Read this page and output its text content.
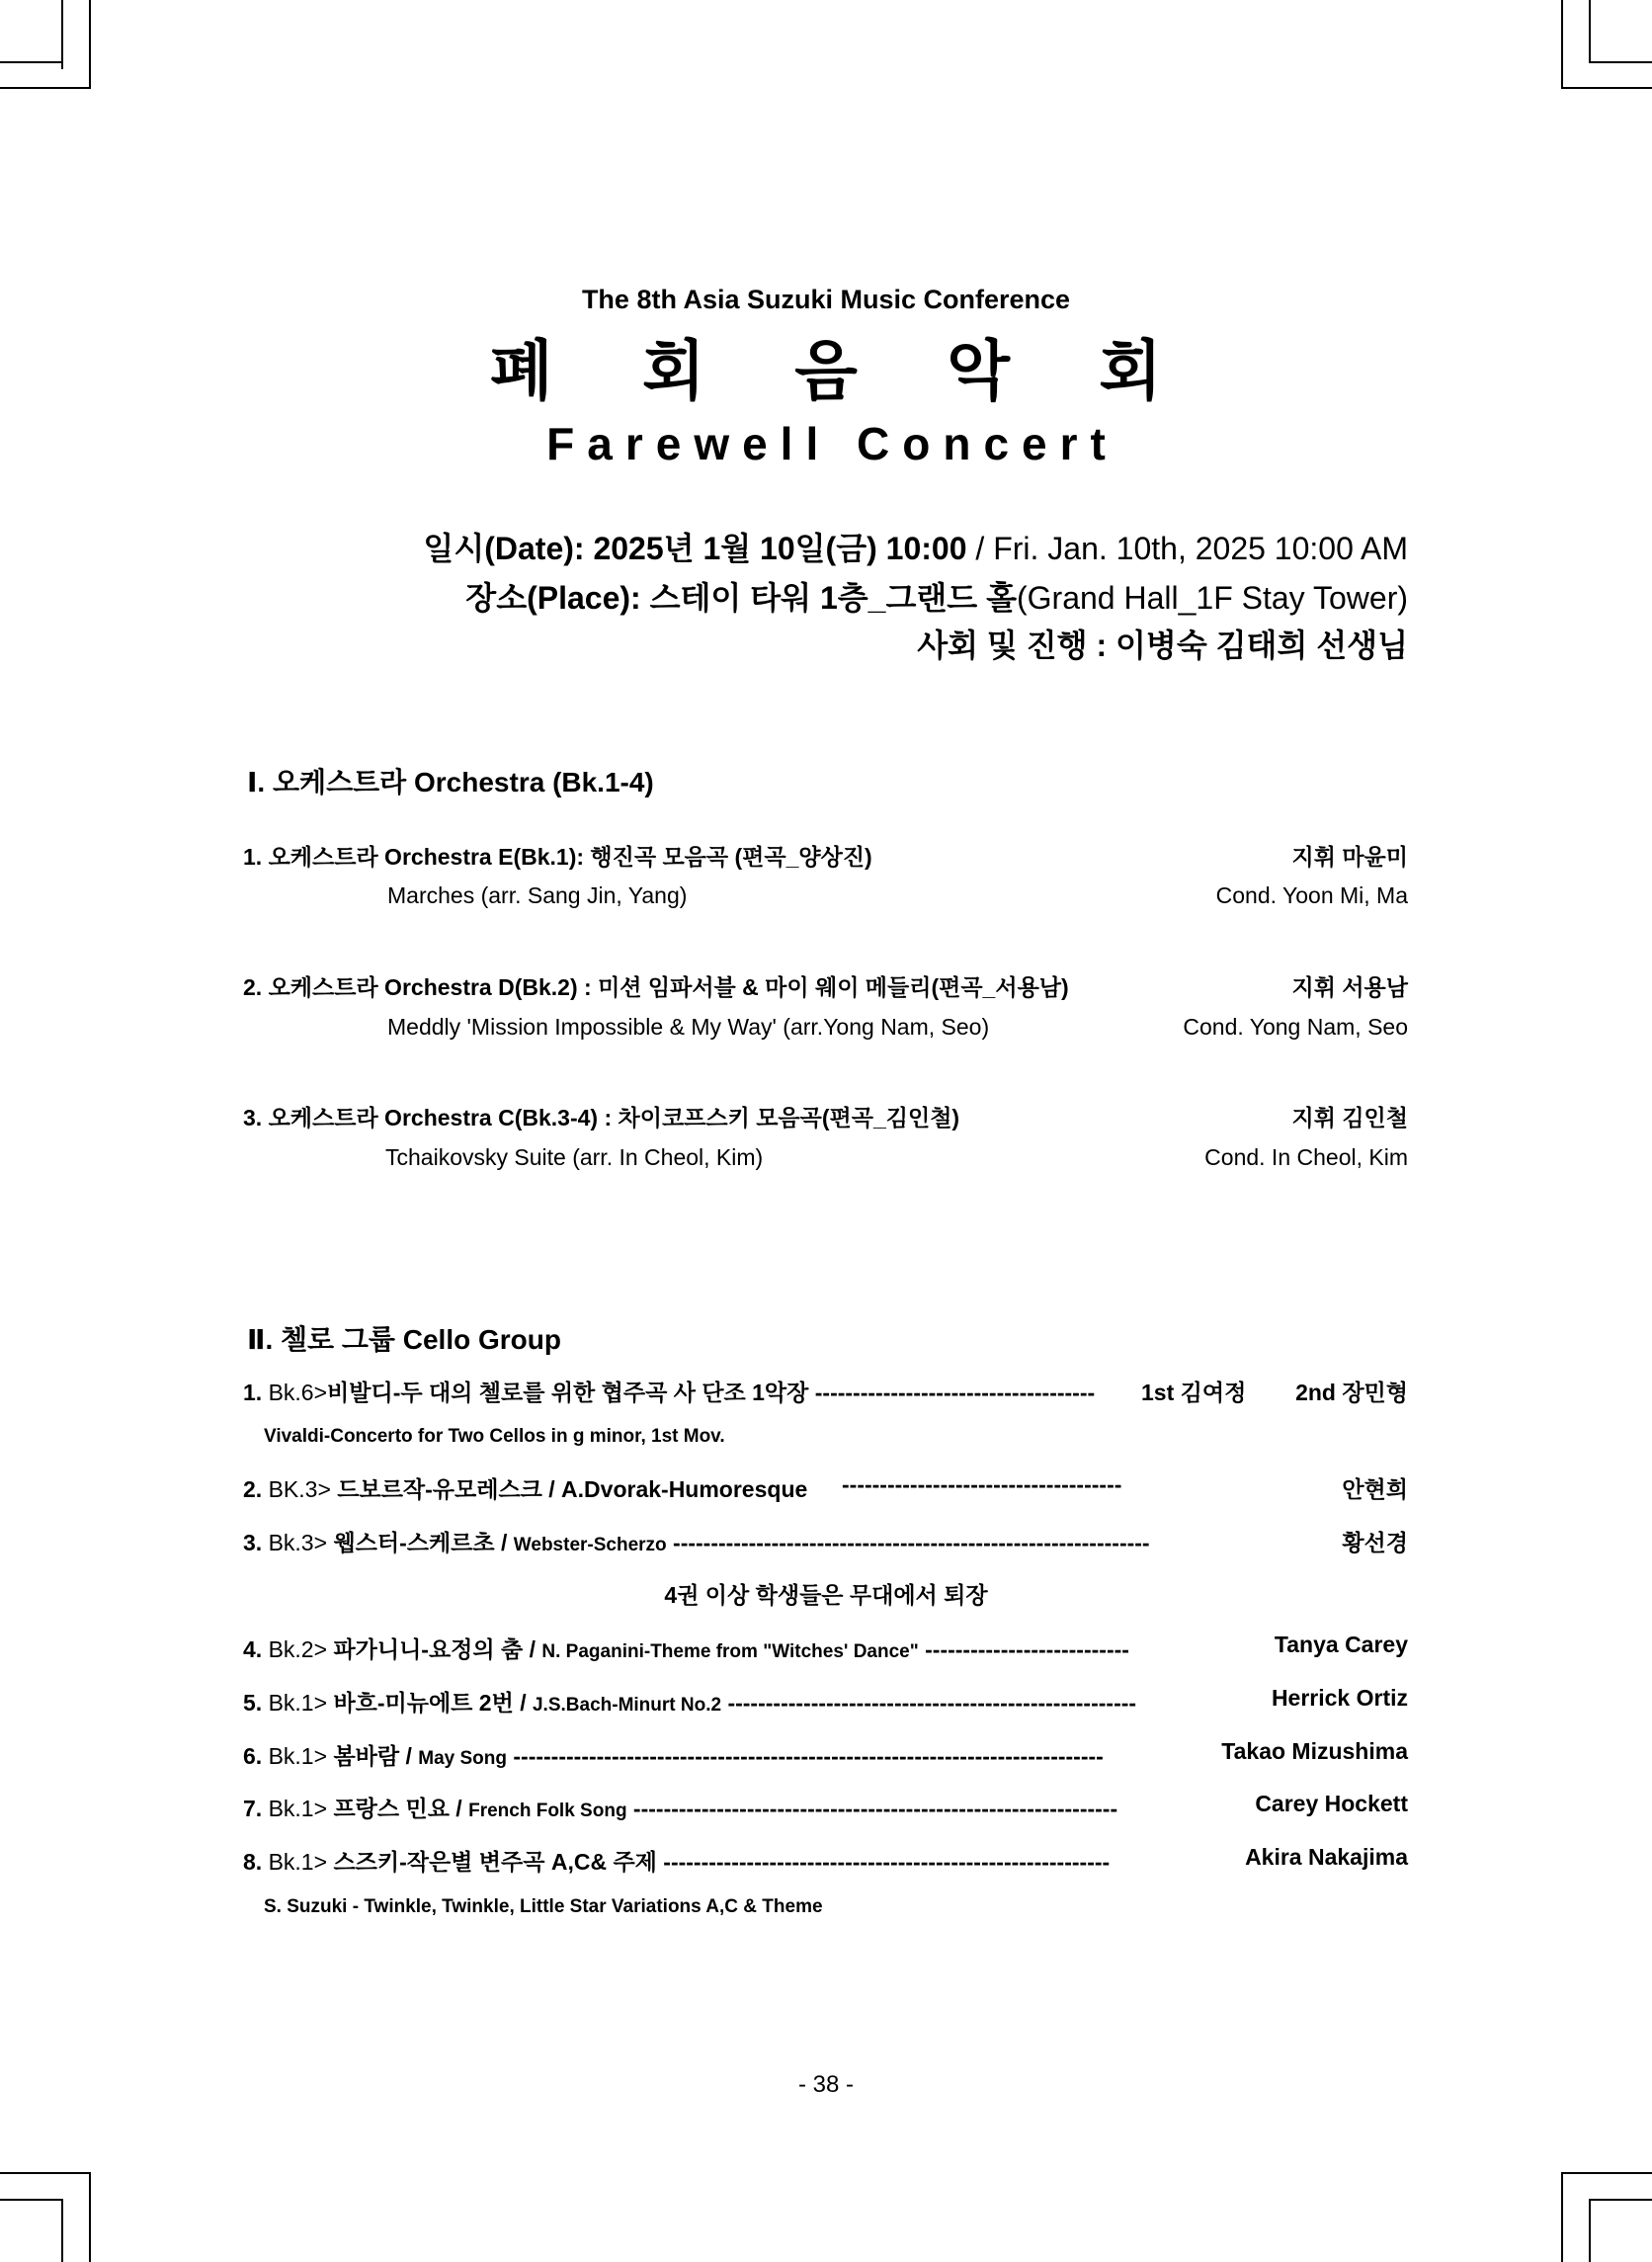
The 8th Asia Suzuki Music Conference
폐 회 음 악 회
Farewell Concert
일시(Date): 2025년 1월 10일(금) 10:00 / Fri. Jan. 10th, 2025 10:00 AM
장소(Place): 스테이 타워 1층_그랜드 홀(Grand Hall_1F Stay Tower)
사회 및 진행 : 이병숙 김태희 선생님
Ⅰ. 오케스트라 Orchestra (Bk.1-4)
1. 오케스트라 Orchestra E(Bk.1): 행진곡 모음곡 (편곡_양상진)	지휘 마윤미
Marches (arr. Sang Jin, Yang)	Cond. Yoon Mi, Ma
2. 오케스트라 Orchestra D(Bk.2) : 미션 임파서블 & 마이 웨이 메들리(편곡_서용남)	지휘 서용남
Meddly 'Mission Impossible & My Way' (arr.Yong Nam, Seo)	Cond. Yong Nam, Seo
3. 오케스트라 Orchestra C(Bk.3-4) : 차이코프스키 모음곡(편곡_김인철)	지휘 김인철
Tchaikovsky Suite (arr. In Cheol, Kim)	Cond. In Cheol, Kim
Ⅱ. 첼로 그룹 Cello Group
1. Bk.6>비발디-두 대의 첼로를 위한 협주곡 사 단조 1악장 ------------------------------------- 1st 김여정 2nd 장민형
Vivaldi-Concerto for Two Cellos in g minor, 1st Mov.
2. BK.3> 드보르작-유모레스크 / A.Dvorak-Humoresque -------------------------------------	안현희
3. Bk.3> 웹스터-스케르초 / Webster-Scherzo ---------------------------------------------------------------	황선경
4권 이상 학생들은 무대에서 퇴장
4. Bk.2> 파가니니-요정의 춤 / N. Paganini-Theme from "Witches' Dance" ---------------------------	Tanya Carey
5. Bk.1> 바흐-미뉴에트 2번 / J.S.Bach-Minurt No.2 ------------------------------------------------------	Herrick Ortiz
6. Bk.1> 봄바람 / May Song ------------------------------------------------------------------------------	Takao Mizushima
7. Bk.1> 프랑스 민요 / French Folk Song ----------------------------------------------------------------	Carey Hockett
8. Bk.1> 스즈키-작은별 변주곡 A,C& 주제 -----------------------------------------------------------	Akira Nakajima
S. Suzuki - Twinkle, Twinkle, Little Star Variations A,C & Theme
- 38 -
